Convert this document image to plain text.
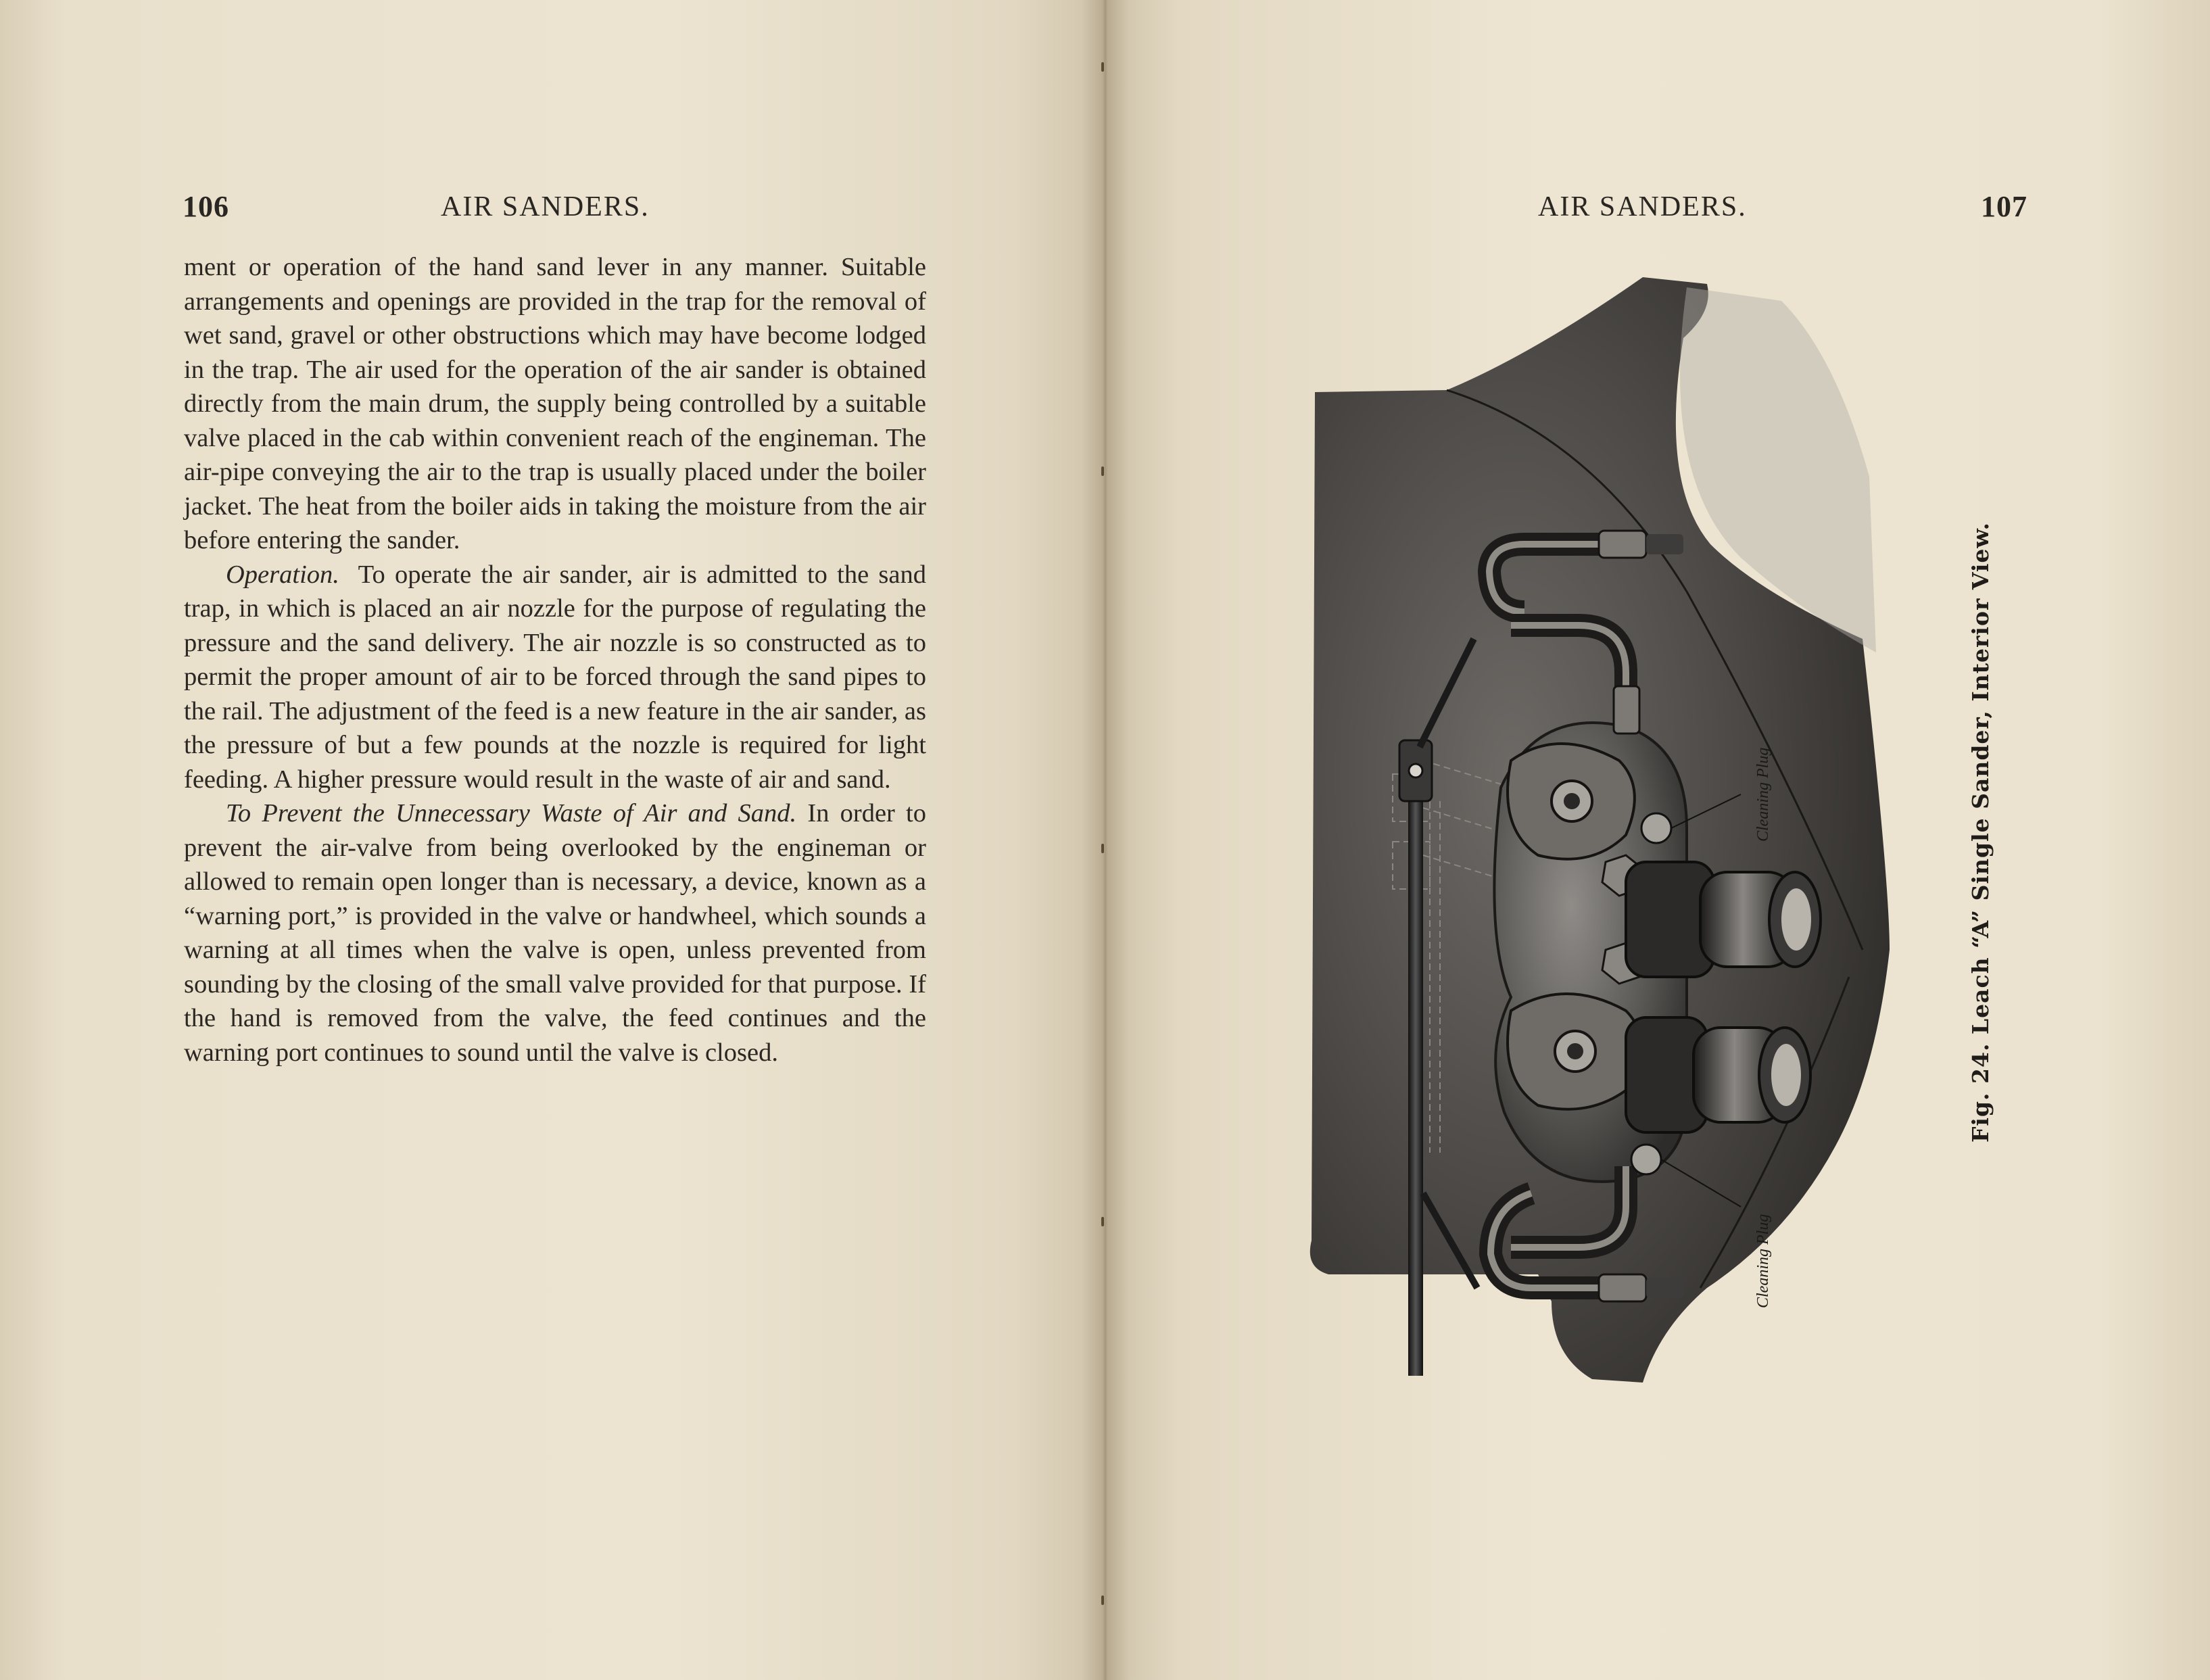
106	AIR SANDERS.

ment or operation of the hand sand lever in any manner. Suitable arrangements and openings are provided in the trap for the removal of wet sand, gravel or other obstructions which may have become lodged in the trap. The air used for the operation of the air sander is obtained directly from the main drum, the supply being controlled by a suitable valve placed in the cab within convenient reach of the engineman. The air-pipe conveying the air to the trap is usually placed under the boiler jacket. The heat from the boiler aids in taking the moisture from the air before entering the sander.

Operation. To operate the air sander, air is admitted to the sand trap, in which is placed an air nozzle for the purpose of regulating the pressure and the sand delivery. The air nozzle is so constructed as to permit the proper amount of air to be forced through the sand pipes to the rail. The adjustment of the feed is a new feature in the air sander, as the pressure of but a few pounds at the nozzle is required for light feeding. A higher pressure would result in the waste of air and sand.

To Prevent the Unnecessary Waste of Air and Sand. In order to prevent the air-valve from being overlooked by the engineman or allowed to remain open longer than is necessary, a device, known as a “warning port,” is provided in the valve or handwheel, which sounds a warning at all times when the valve is open, unless prevented from sounding by the closing of the small valve provided for that purpose. If the hand is removed from the valve, the feed continues and the warning port continues to sound until the valve is closed.

AIR SANDERS.	107
Cleaning Plug
Cleaning Plug
Fig. 24. Leach “A” Single Sander, Interior View.
